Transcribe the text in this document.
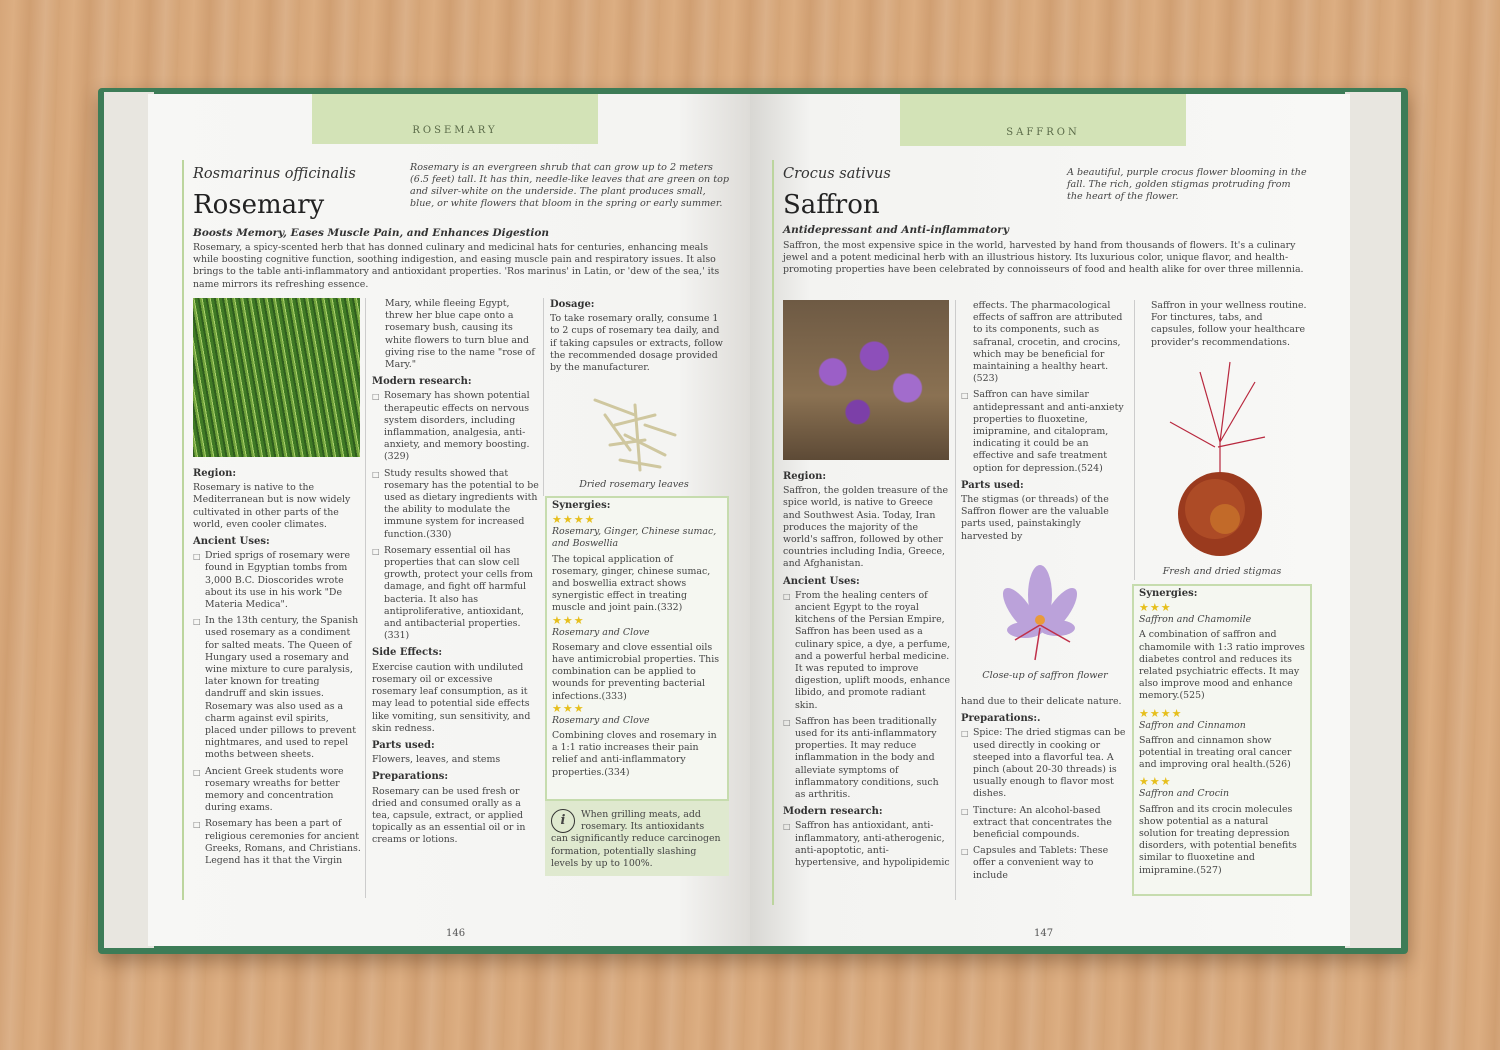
ROSEMARY
Rosmarinus officinalis
Rosemary
Rosemary is an evergreen shrub that can grow up to 2 meters (6.5 feet) tall. It has thin, needle-like leaves that are green on top and silver-white on the underside. The plant produces small, blue, or white flowers that bloom in the spring or early summer.
Boosts Memory, Eases Muscle Pain, and Enhances Digestion
Rosemary, a spicy-scented herb that has donned culinary and medicinal hats for centuries, enhancing meals while boosting cognitive function, soothing indigestion, and easing muscle pain and respiratory issues. It also brings to the table anti-inflammatory and antioxidant properties. 'Ros marinus' in Latin, or 'dew of the sea,' its name mirrors its refreshing essence.
Region:

Rosemary is native to the Mediterranean but is now widely cultivated in other parts of the world, even cooler climates.

Ancient Uses:
□ Dried sprigs of rosemary were found in Egyptian tombs from 3,000 B.C. Dioscorides wrote about its use in his work "De Materia Medica".
□ In the 13th century, the Spanish used rosemary as a condiment for salted meats. The Queen of Hungary used a rosemary and wine mixture to cure paralysis, later known for treating dandruff and skin issues. Rosemary was also used as a charm against evil spirits, placed under pillows to prevent nightmares, and used to repel moths between sheets.
□ Ancient Greek students wore rosemary wreaths for better memory and concentration during exams.
□ Rosemary has been a part of religious ceremonies for ancient Greeks, Romans, and Christians. Legend has it that the Virgin

Mary, while fleeing Egypt, threw her blue cape onto a rosemary bush, causing its white flowers to turn blue and giving rise to the name "rose of Mary."

Modern research:
□ Rosemary has shown potential therapeutic effects on nervous system disorders, including inflammation, analgesia, anti-anxiety, and memory boosting.(329)
□ Study results showed that rosemary has the potential to be used as dietary ingredients with the ability to modulate the immune system for increased function.(330)
□ Rosemary essential oil has properties that can slow cell growth, protect your cells from damage, and fight off harmful bacteria. It also has antiproliferative, antioxidant, and antibacterial properties.(331)
Side Effects:

Exercise caution with undiluted rosemary oil or excessive rosemary leaf consumption, as it may lead to potential side effects like vomiting, sun sensitivity, and skin redness.

Parts used:

Flowers, leaves, and stems

Preparations:

Rosemary can be used fresh or dried and consumed orally as a tea, capsule, extract, or applied topically as an essential oil or in creams or lotions.

Dosage:

To take rosemary orally, consume 1 to 2 cups of rosemary tea daily, and if taking capsules or extracts, follow the recommended dosage provided by the manufacturer.

Dried rosemary leaves
Synergies:
★★★★
Rosemary, Ginger, Chinese sumac, and Boswellia

The topical application of rosemary, ginger, chinese sumac, and boswellia extract shows synergistic effect in treating muscle and joint pain.(332)

★★★
Rosemary and Clove

Rosemary and clove essential oils have antimicrobial properties. This combination can be applied to wounds for preventing bacterial infections.(333)

★★★
Rosemary and Clove

Combining cloves and rosemary in a 1:1 ratio increases their pain relief and anti-inflammatory properties.(334)

i	When grilling meats, add rosemary. Its antioxidants can significantly reduce carcinogen formation, potentially slashing levels by up to 100%.
146
SAFFRON
Crocus sativus
Saffron
A beautiful, purple crocus flower blooming in the fall. The rich, golden stigmas protruding from the heart of the flower.
Antidepressant and Anti-inflammatory
Saffron, the most expensive spice in the world, harvested by hand from thousands of flowers. It's a culinary jewel and a potent medicinal herb with an illustrious history. Its luxurious color, unique flavor, and health-promoting properties have been celebrated by connoisseurs of food and health alike for over three millennia.
Region:

Saffron, the golden treasure of the spice world, is native to Greece and Southwest Asia. Today, Iran produces the majority of the world's saffron, followed by other countries including India, Greece, and Afghanistan.

Ancient Uses:
□ From the healing centers of ancient Egypt to the royal kitchens of the Persian Empire, Saffron has been used as a culinary spice, a dye, a perfume, and a powerful herbal medicine. It was reputed to improve digestion, uplift moods, enhance libido, and promote radiant skin.
□ Saffron has been traditionally used for its anti-inflammatory properties. It may reduce inflammation in the body and alleviate symptoms of inflammatory conditions, such as arthritis.
Modern research:
□ Saffron has antioxidant, anti-inflammatory, anti-atherogenic, anti-apoptotic, anti-hypertensive, and hypolipidemic

effects. The pharmacological effects of saffron are attributed to its components, such as safranal, crocetin, and crocins, which may be beneficial for maintaining a healthy heart.(523)

□ Saffron can have similar antidepressant and anti-anxiety properties to fluoxetine, imipramine, and citalopram, indicating it could be an effective and safe treatment option for depression.(524)
Parts used:

The stigmas (or threads) of the Saffron flower are the valuable parts used, painstakingly harvested by

Close-up of saffron flower

hand due to their delicate nature.

Preparations:.
□ Spice: The dried stigmas can be used directly in cooking or steeped into a flavorful tea. A pinch (about 20-30 threads) is usually enough to flavor most dishes.
□ Tincture: An alcohol-based extract that concentrates the beneficial compounds.
□ Capsules and Tablets: These offer a convenient way to include
Saffron in your wellness routine. For tinctures, tabs, and capsules, follow your healthcare provider's recommendations.
Fresh and dried stigmas
Synergies:
★★★
Saffron and Chamomile

A combination of saffron and chamomile with 1:3 ratio improves diabetes control and reduces its related psychiatric effects. It may also improve mood and enhance memory.(525)

★★★★
Saffron and Cinnamon

Saffron and cinnamon show potential in treating oral cancer and improving oral health.(526)

★★★
Saffron and Crocin

Saffron and its crocin molecules show potential as a natural solution for treating depression disorders, with potential benefits similar to fluoxetine and imipramine.(527)

147
